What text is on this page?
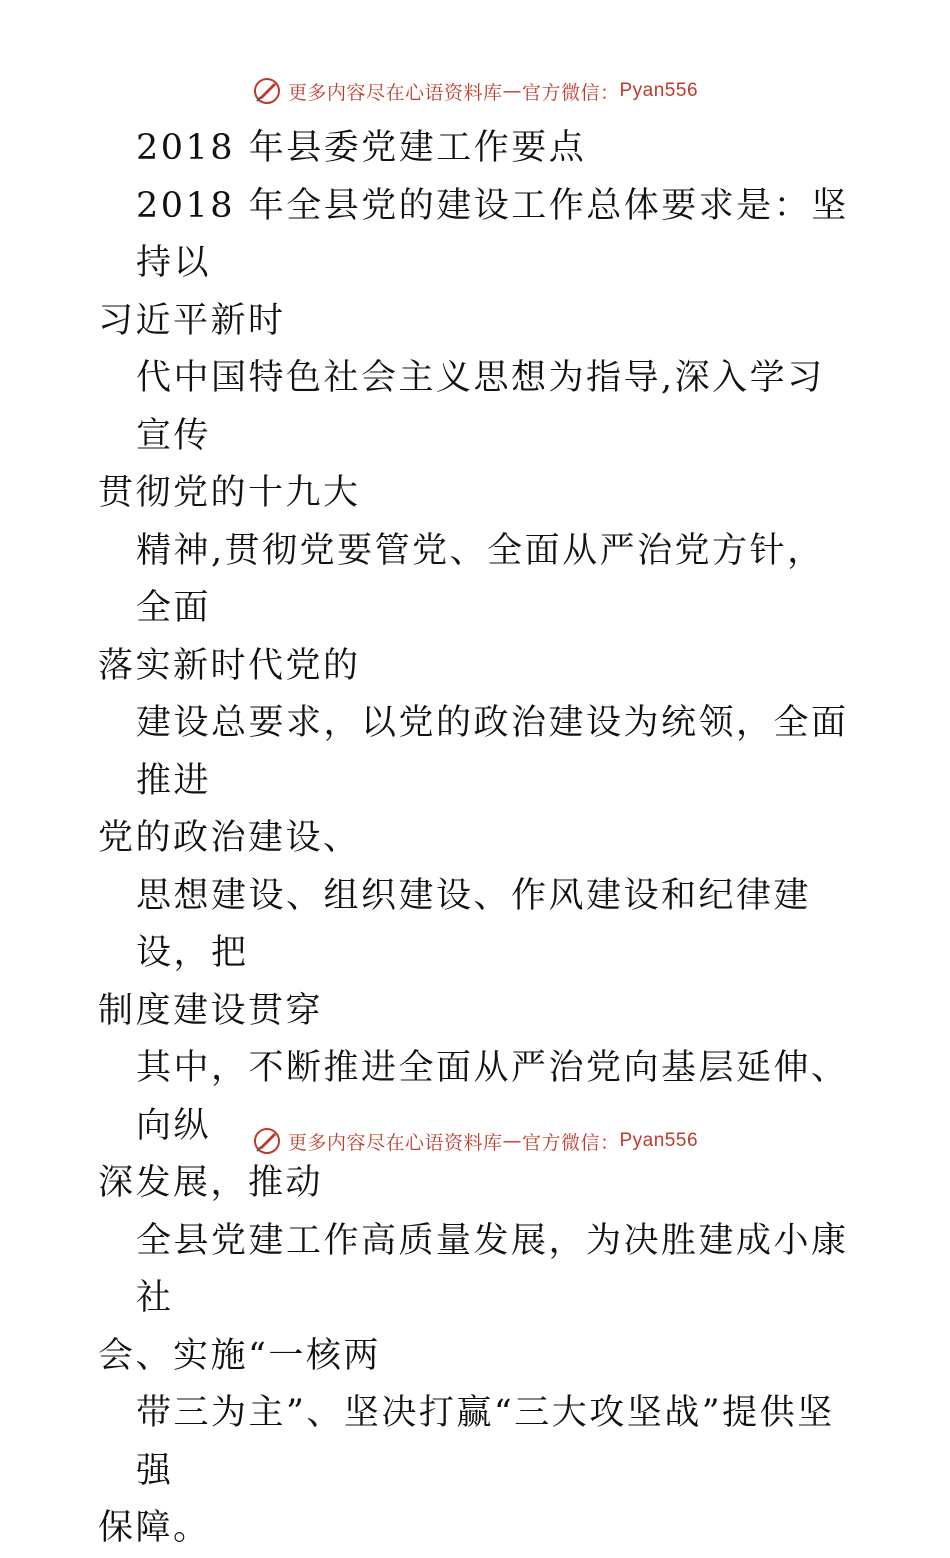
更多内容尽在心语资料库 — 官方微信： Pyan556

2018 年县委党建工作要点

2018 年全县党的建设工作总体要求是：坚持以

习近平新时

代中国特色社会主义思想为指导,深入学习宣传

贯彻党的十九大

精神,贯彻党要管党、全面从严治党方针，全面

落实新时代党的

建设总要求，以党的政治建设为统领，全面推进

党的政治建设、

思想建设、组织建设、作风建设和纪律建设，把

制度建设贯穿

其中，不断推进全面从严治党向基层延伸、向纵

深发展，推动

全县党建工作高质量发展，为决胜建成小康社

会、实施“一核两

带三为主”、坚决打赢“三大攻坚战”提供坚强

保障。

更多内容尽在心语资料库 — 官方微信： Pyan556
